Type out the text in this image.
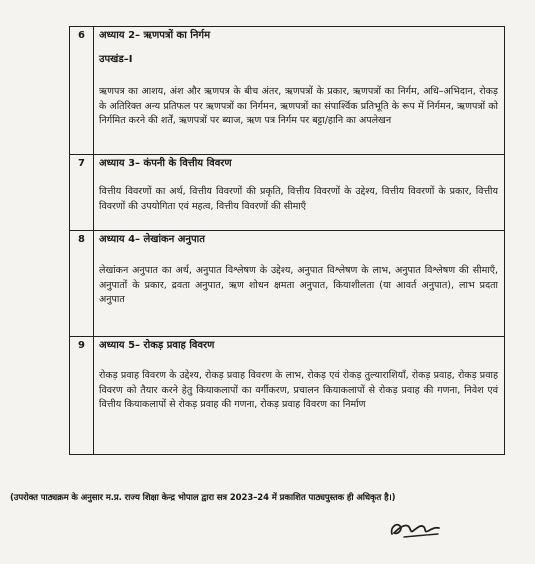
6	अध्याय 2– ऋणपत्रों का निर्गम
उपखंड–I
ऋणपत्र का आशय, अंश और ऋणपत्र के बीच अंतर, ऋणपत्रों के प्रकार, ऋणपत्रों का निर्गम, अधि–अभिदान, रोकड़ के अतिरिक्त अन्य प्रतिफल पर ऋणपत्रों का निर्गमन, ऋणपत्रों का संपार्श्विक प्रतिभूति के रूप में निर्गमन, ऋणपत्रों को निर्गमित करने की शर्तें, ऋणपत्रों पर ब्याज, ऋण पत्र निर्गम पर बट्टा/हानि का अपलेखन

7	अध्याय 3– कंपनी के वित्तीय विवरण
वित्तीय विवरणों का अर्थ, वित्तीय विवरणों की प्रकृति, वित्तीय विवरणों के उद्देश्य, वित्तीय विवरणों के प्रकार, वित्तीय विवरणों की उपयोगिता एवं महत्व, वित्तीय विवरणों की सीमाएँ

8	अध्याय 4– लेखांकन अनुपात
लेखांकन अनुपात का अर्थ, अनुपात विश्लेषण के उद्देश्य, अनुपात विश्लेषण के लाभ, अनुपात विश्लेषण की सीमाएँ, अनुपातों के प्रकार, द्रवता अनुपात, ऋण शोधन क्षमता अनुपात, कियाशीलता (या आवर्त अनुपात), लाभ प्रदता अनुपात

9	अध्याय 5– रोकड़ प्रवाह विवरण
रोकड़ प्रवाह विवरण के उद्देश्य, रोकड़ प्रवाह विवरण के लाभ, रोकड़ एवं रोकड़ तुल्याराशियाँ, रोकड़ प्रवाह, रोकड़ प्रवाह विवरण को तैयार करने हेतु कियाकलापों का वर्गीकरण, प्रचालन कियाकलापों से रोकड़ प्रवाह की गणना, निवेश एवं वित्तीय कियाकलापों से रोकड़ प्रवाह की गणना, रोकड़ प्रवाह विवरण का निर्माण
(उपरोक्त पाठ्यक्रम के अनुसार म.प्र. राज्य शिक्षा केन्द्र भोपाल द्वारा सत्र 2023–24 में प्रकाशित पाठ्यपुस्तक ही अधिकृत है।)
